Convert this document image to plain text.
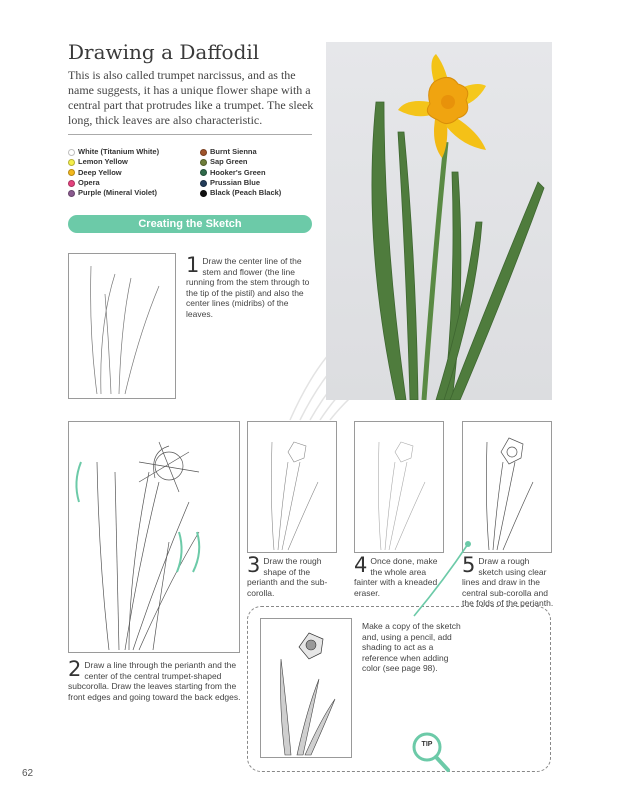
Drawing a Daffodil

This is also called trumpet narcissus, and as the name suggests, it has a unique flower shape with a central part that protrudes like a trumpet. The sleek long, thick leaves are also characteristic.

White (Titanium White)
Lemon Yellow
Deep Yellow
Opera
Purple (Mineral Violet)
Burnt Sienna
Sap Green
Hooker's Green
Prussian Blue
Black (Peach Black)
Creating the Sketch

1 Draw the center line of the stem and flower (the line running from the stem through to the tip of the pistil) and also the center lines (midribs) of the leaves.

2 Draw a line through the perianth and the center of the central trumpet-shaped subcorolla. Draw the leaves starting from the front edges and going toward the back edges.

3 Draw the rough shape of the perianth and the sub-corolla.

4 Once done, make the whole area fainter with a kneaded eraser.

5 Draw a rough sketch using clear lines and draw in the central sub-corolla and the folds of the perianth.

Make a copy of the sketch and, using a pencil, add shading to act as a reference when adding color (see page 98).

TIP
62
